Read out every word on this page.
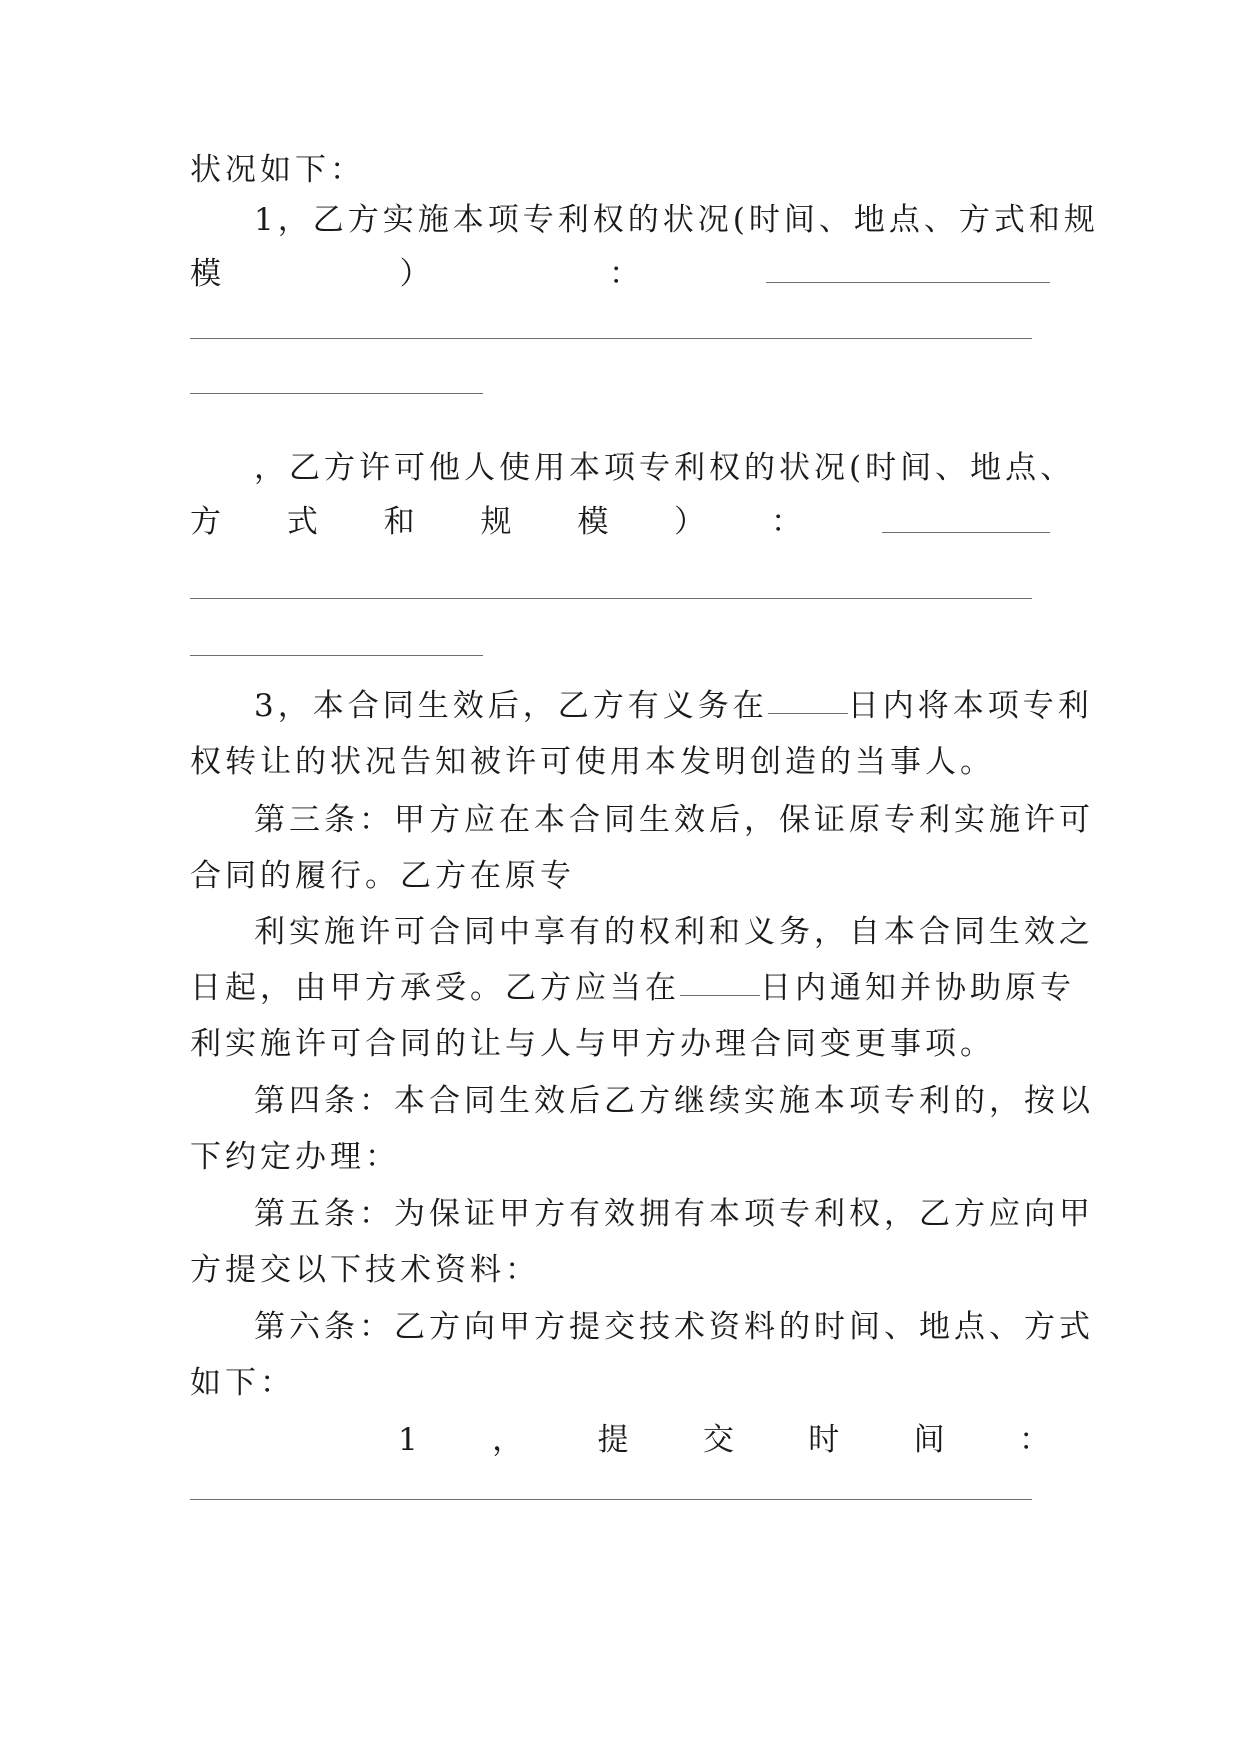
状况如下：
1，乙方实施本项专利权的状况(时间、地点、方式和规
模	）	：
，乙方许可他人使用本项专利权的状况(时间、地点、
方 式 和 规 模 ） ：
3，本合同生效后，乙方有义务在	日内将本项专利
权转让的状况告知被许可使用本发明创造的当事人。
第三条：甲方应在本合同生效后，保证原专利实施许可
合同的履行。乙方在原专
利实施许可合同中享有的权利和义务，自本合同生效之
日起，由甲方承受。乙方应当在	日内通知并协助原专
利实施许可合同的让与人与甲方办理合同变更事项。
第四条：本合同生效后乙方继续实施本项专利的，按以
下约定办理：
第五条：为保证甲方有效拥有本项专利权，乙方应向甲
方提交以下技术资料：
第六条：乙方向甲方提交技术资料的时间、地点、方式
如下：
1 ， 提 交 时 间 ：
